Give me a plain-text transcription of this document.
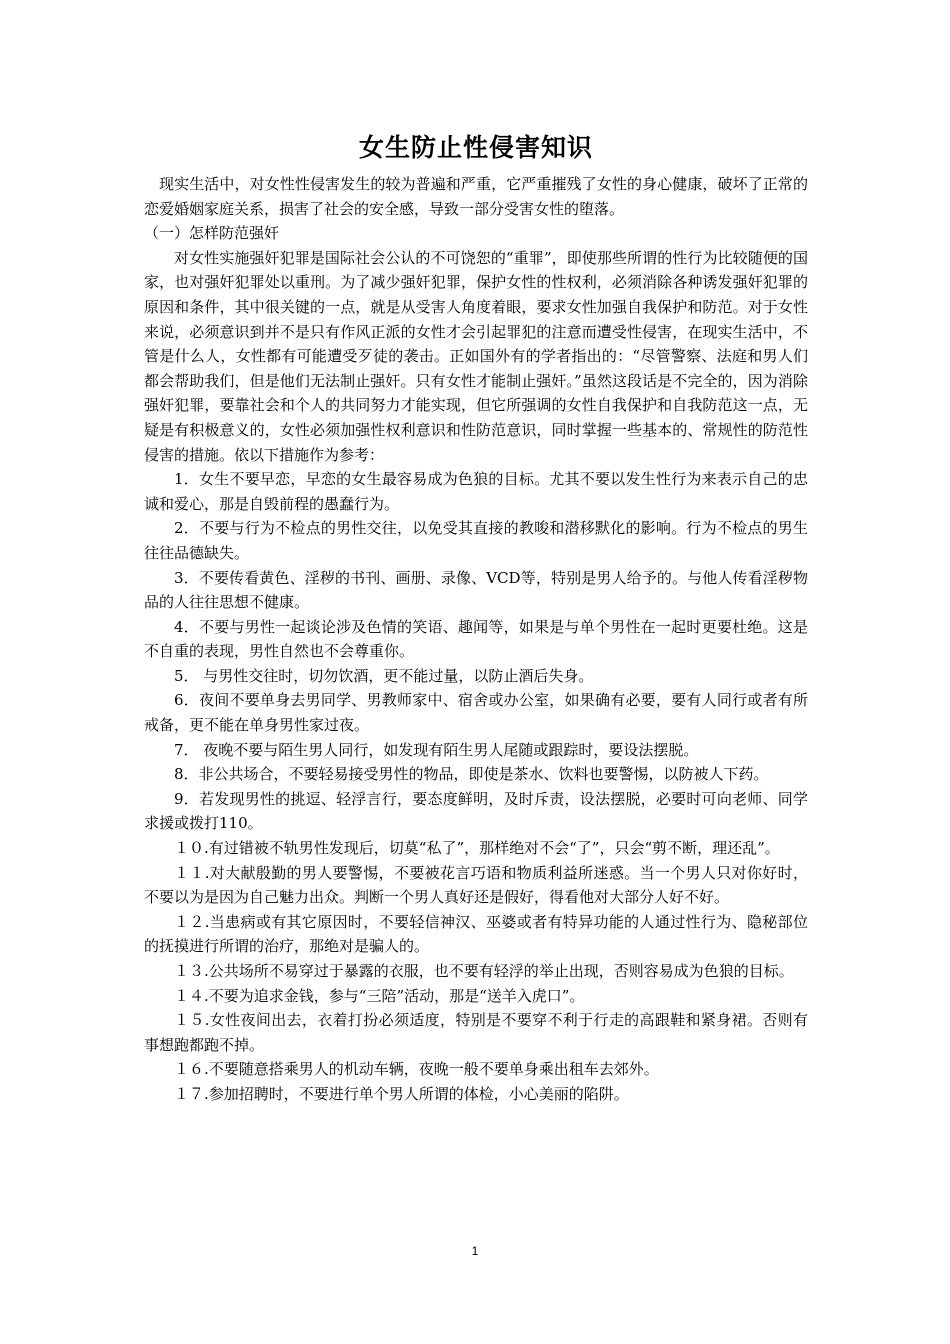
女生防止性侵害知识

现实生活中，对女性性侵害发生的较为普遍和严重，它严重摧残了女性的身心健康，破坏了正常的恋爱婚姻家庭关系，损害了社会的安全感，导致一部分受害女性的堕落。

（一）怎样防范强奸

对女性实施强奸犯罪是国际社会公认的不可饶恕的“重罪”，即使那些所谓的性行为比较随便的国家，也对强奸犯罪处以重刑。为了减少强奸犯罪，保护女性的性权利，必须消除各种诱发强奸犯罪的原因和条件，其中很关键的一点，就是从受害人角度着眼，要求女性加强自我保护和防范。对于女性来说，必须意识到并不是只有作风正派的女性才会引起罪犯的注意而遭受性侵害，在现实生活中，不管是什么人，女性都有可能遭受歹徒的袭击。正如国外有的学者指出的：“尽管警察、法庭和男人们都会帮助我们，但是他们无法制止强奸。只有女性才能制止强奸。”虽然这段话是不完全的，因为消除强奸犯罪，要靠社会和个人的共同努力才能实现，但它所强调的女性自我保护和自我防范这一点，无疑是有积极意义的，女性必须加强性权利意识和性防范意识，同时掌握一些基本的、常规性的防范性侵害的措施。依以下措施作为参考：

1．女生不要早恋，早恋的女生最容易成为色狼的目标。尤其不要以发生性行为来表示自己的忠诚和爱心，那是自毁前程的愚蠢行为。

2．不要与行为不检点的男性交往，以免受其直接的教唆和潜移默化的影响。行为不检点的男生往往品德缺失。

3．不要传看黄色、淫秽的书刊、画册、录像、VCD等，特别是男人给予的。与他人传看淫秽物品的人往往思想不健康。

4．不要与男性一起谈论涉及色情的笑语、趣闻等，如果是与单个男性在一起时更要杜绝。这是不自重的表现，男性自然也不会尊重你。

5． 与男性交往时，切勿饮酒，更不能过量，以防止酒后失身。

6．夜间不要单身去男同学、男教师家中、宿舍或办公室，如果确有必要，要有人同行或者有所戒备，更不能在单身男性家过夜。

7． 夜晚不要与陌生男人同行，如发现有陌生男人尾随或跟踪时，要设法摆脱。

8．非公共场合，不要轻易接受男性的物品，即使是茶水、饮料也要警惕，以防被人下药。

9．若发现男性的挑逗、轻浮言行，要态度鲜明，及时斥责，设法摆脱，必要时可向老师、同学求援或拨打110。

１０.有过错被不轨男性发现后，切莫“私了”，那样绝对不会“了”，只会“剪不断，理还乱”。

１１.对大献殷勤的男人要警惕，不要被花言巧语和物质利益所迷惑。当一个男人只对你好时，不要以为是因为自己魅力出众。判断一个男人真好还是假好，得看他对大部分人好不好。

１２.当患病或有其它原因时，不要轻信神汉、巫婆或者有特异功能的人通过性行为、隐秘部位的抚摸进行所谓的治疗，那绝对是骗人的。

１３.公共场所不易穿过于暴露的衣服，也不要有轻浮的举止出现，否则容易成为色狼的目标。

１４.不要为追求金钱，参与“三陪”活动，那是“送羊入虎口”。

１５.女性夜间出去，衣着打扮必须适度，特别是不要穿不利于行走的高跟鞋和紧身裙。否则有事想跑都跑不掉。

１６.不要随意搭乘男人的机动车辆，夜晚一般不要单身乘出租车去郊外。

１７.参加招聘时，不要进行单个男人所谓的体检，小心美丽的陷阱。

1
